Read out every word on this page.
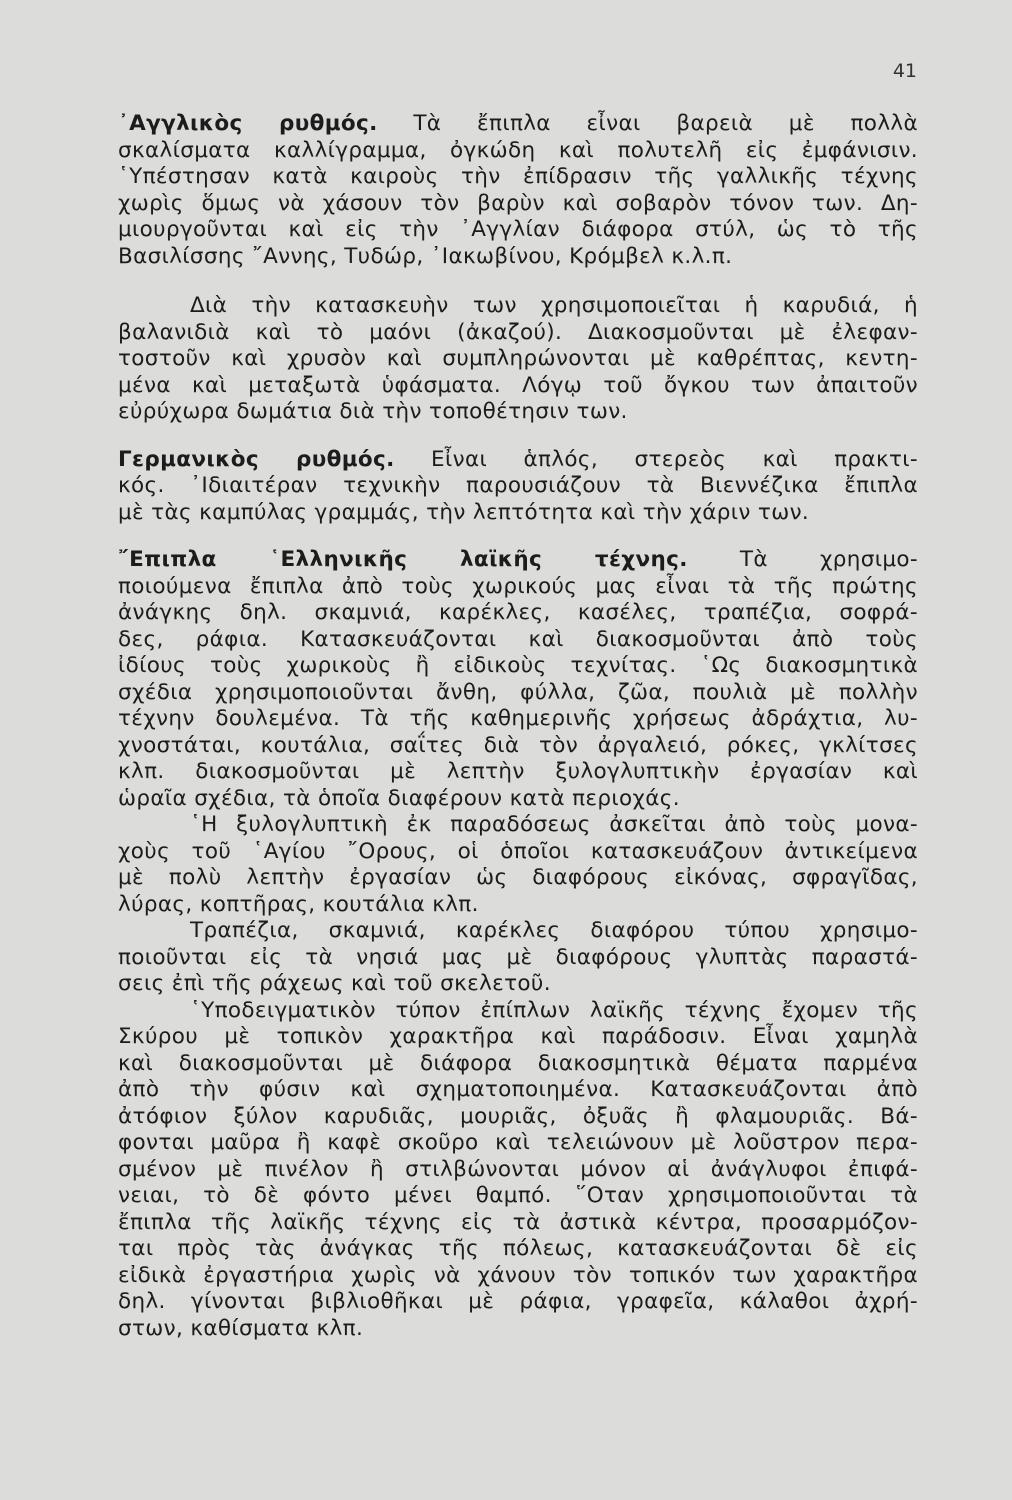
41
᾿Αγγλικὸς ρυθμός. Τὰ ἔπιπλα εἶναι βαρειὰ μὲ πολλὰ
σκαλίσματα καλλίγραμμα, ὀγκώδη καὶ πολυτελῆ εἰς ἐμφάνισιν.
῾Υπέστησαν κατὰ καιροὺς τὴν ἐπίδρασιν τῆς γαλλικῆς τέχνης
χωρὶς ὅμως νὰ χάσουν τὸν βαρὺν καὶ σοβαρὸν τόνον των. Δη-
μιουργοῦνται καὶ εἰς τὴν ᾿Αγγλίαν διάφορα στύλ, ὡς τὸ τῆς
Βασιλίσσης ῎Αννης, Τυδώρ, ᾿Ιακωβίνου, Κρόμβελ κ.λ.π.
Διὰ τὴν κατασκευὴν των χρησιμοποιεῖται ἡ καρυδιά, ἡ
βαλανιδιὰ καὶ τὸ μαόνι (ἀκαζού). Διακοσμοῦνται μὲ ἐλεφαν-
τοστοῦν καὶ χρυσὸν καὶ συμπληρώνονται μὲ καθρέπτας, κεντη-
μένα καὶ μεταξωτὰ ὑφάσματα. Λόγῳ τοῦ ὄγκου των ἀπαιτοῦν
εὐρύχωρα δωμάτια διὰ τὴν τοποθέτησιν των.
Γερμανικὸς ρυθμός. Εἶναι ἁπλός, στερεὸς καὶ πρακτι-
κός. ᾿Ιδιαιτέραν τεχνικὴν παρουσιάζουν τὰ Βιεννέζικα ἔπιπλα
μὲ τὰς καμπύλας γραμμάς, τὴν λεπτότητα καὶ τὴν χάριν των.
῎Επιπλα ῾Ελληνικῆς λαϊκῆς τέχνης. Τὰ χρησιμο-
ποιούμενα ἔπιπλα ἀπὸ τοὺς χωρικούς μας εἶναι τὰ τῆς πρώτης
ἀνάγκης δηλ. σκαμνιά, καρέκλες, κασέλες, τραπέζια, σοφρά-
δες, ράφια. Κατασκευάζονται καὶ διακοσμοῦνται ἀπὸ τοὺς
ἰδίους τοὺς χωρικοὺς ἢ εἰδικοὺς τεχνίτας. ῾Ως διακοσμητικὰ
σχέδια χρησιμοποιοῦνται ἄνθη, φύλλα, ζῶα, πουλιὰ μὲ πολλὴν
τέχνην δουλεμένα. Τὰ τῆς καθημερινῆς χρήσεως ἀδράχτια, λυ-
χνοστάται, κουτάλια, σαΐτες διὰ τὸν ἀργαλειό, ρόκες, γκλίτσες
κλπ. διακοσμοῦνται μὲ λεπτὴν ξυλογλυπτικὴν ἐργασίαν καὶ
ὡραῖα σχέδια, τὰ ὁποῖα διαφέρουν κατὰ περιοχάς.
῾Η ξυλογλυπτικὴ ἐκ παραδόσεως ἀσκεῖται ἀπὸ τοὺς μονα-
χοὺς τοῦ ῾Αγίου ῎Ορους, οἱ ὁποῖοι κατασκευάζουν ἀντικείμενα
μὲ πολὺ λεπτὴν ἐργασίαν ὡς διαφόρους εἰκόνας, σφραγῖδας,
λύρας, κοπτῆρας, κουτάλια κλπ.
Τραπέζια, σκαμνιά, καρέκλες διαφόρου τύπου χρησιμο-
ποιοῦνται εἰς τὰ νησιά μας μὲ διαφόρους γλυπτὰς παραστά-
σεις ἐπὶ τῆς ράχεως καὶ τοῦ σκελετοῦ.
῾Υποδειγματικὸν τύπον ἐπίπλων λαϊκῆς τέχνης ἔχομεν τῆς
Σκύρου μὲ τοπικὸν χαρακτῆρα καὶ παράδοσιν. Εἶναι χαμηλὰ
καὶ διακοσμοῦνται μὲ διάφορα διακοσμητικὰ θέματα παρμένα
ἀπὸ τὴν φύσιν καὶ σχηματοποιημένα. Κατασκευάζονται ἀπὸ
ἀτόφιον ξύλον καρυδιᾶς, μουριᾶς, ὀξυᾶς ἢ φλαμουριᾶς. Βά-
φονται μαῦρα ἢ καφὲ σκοῦρο καὶ τελειώνουν μὲ λοῦστρον περα-
σμένον μὲ πινέλον ἢ στιλβώνονται μόνον αἱ ἀνάγλυφοι ἐπιφά-
νειαι, τὸ δὲ φόντο μένει θαμπό. ῞Οταν χρησιμοποιοῦνται τὰ
ἔπιπλα τῆς λαϊκῆς τέχνης εἰς τὰ ἀστικὰ κέντρα, προσαρμόζον-
ται πρὸς τὰς ἀνάγκας τῆς πόλεως, κατασκευάζονται δὲ εἰς
εἰδικὰ ἐργαστήρια χωρὶς νὰ χάνουν τὸν τοπικόν των χαρακτῆρα
δηλ. γίνονται βιβλιοθῆκαι μὲ ράφια, γραφεῖα, κάλαθοι ἀχρή-
στων, καθίσματα κλπ.
